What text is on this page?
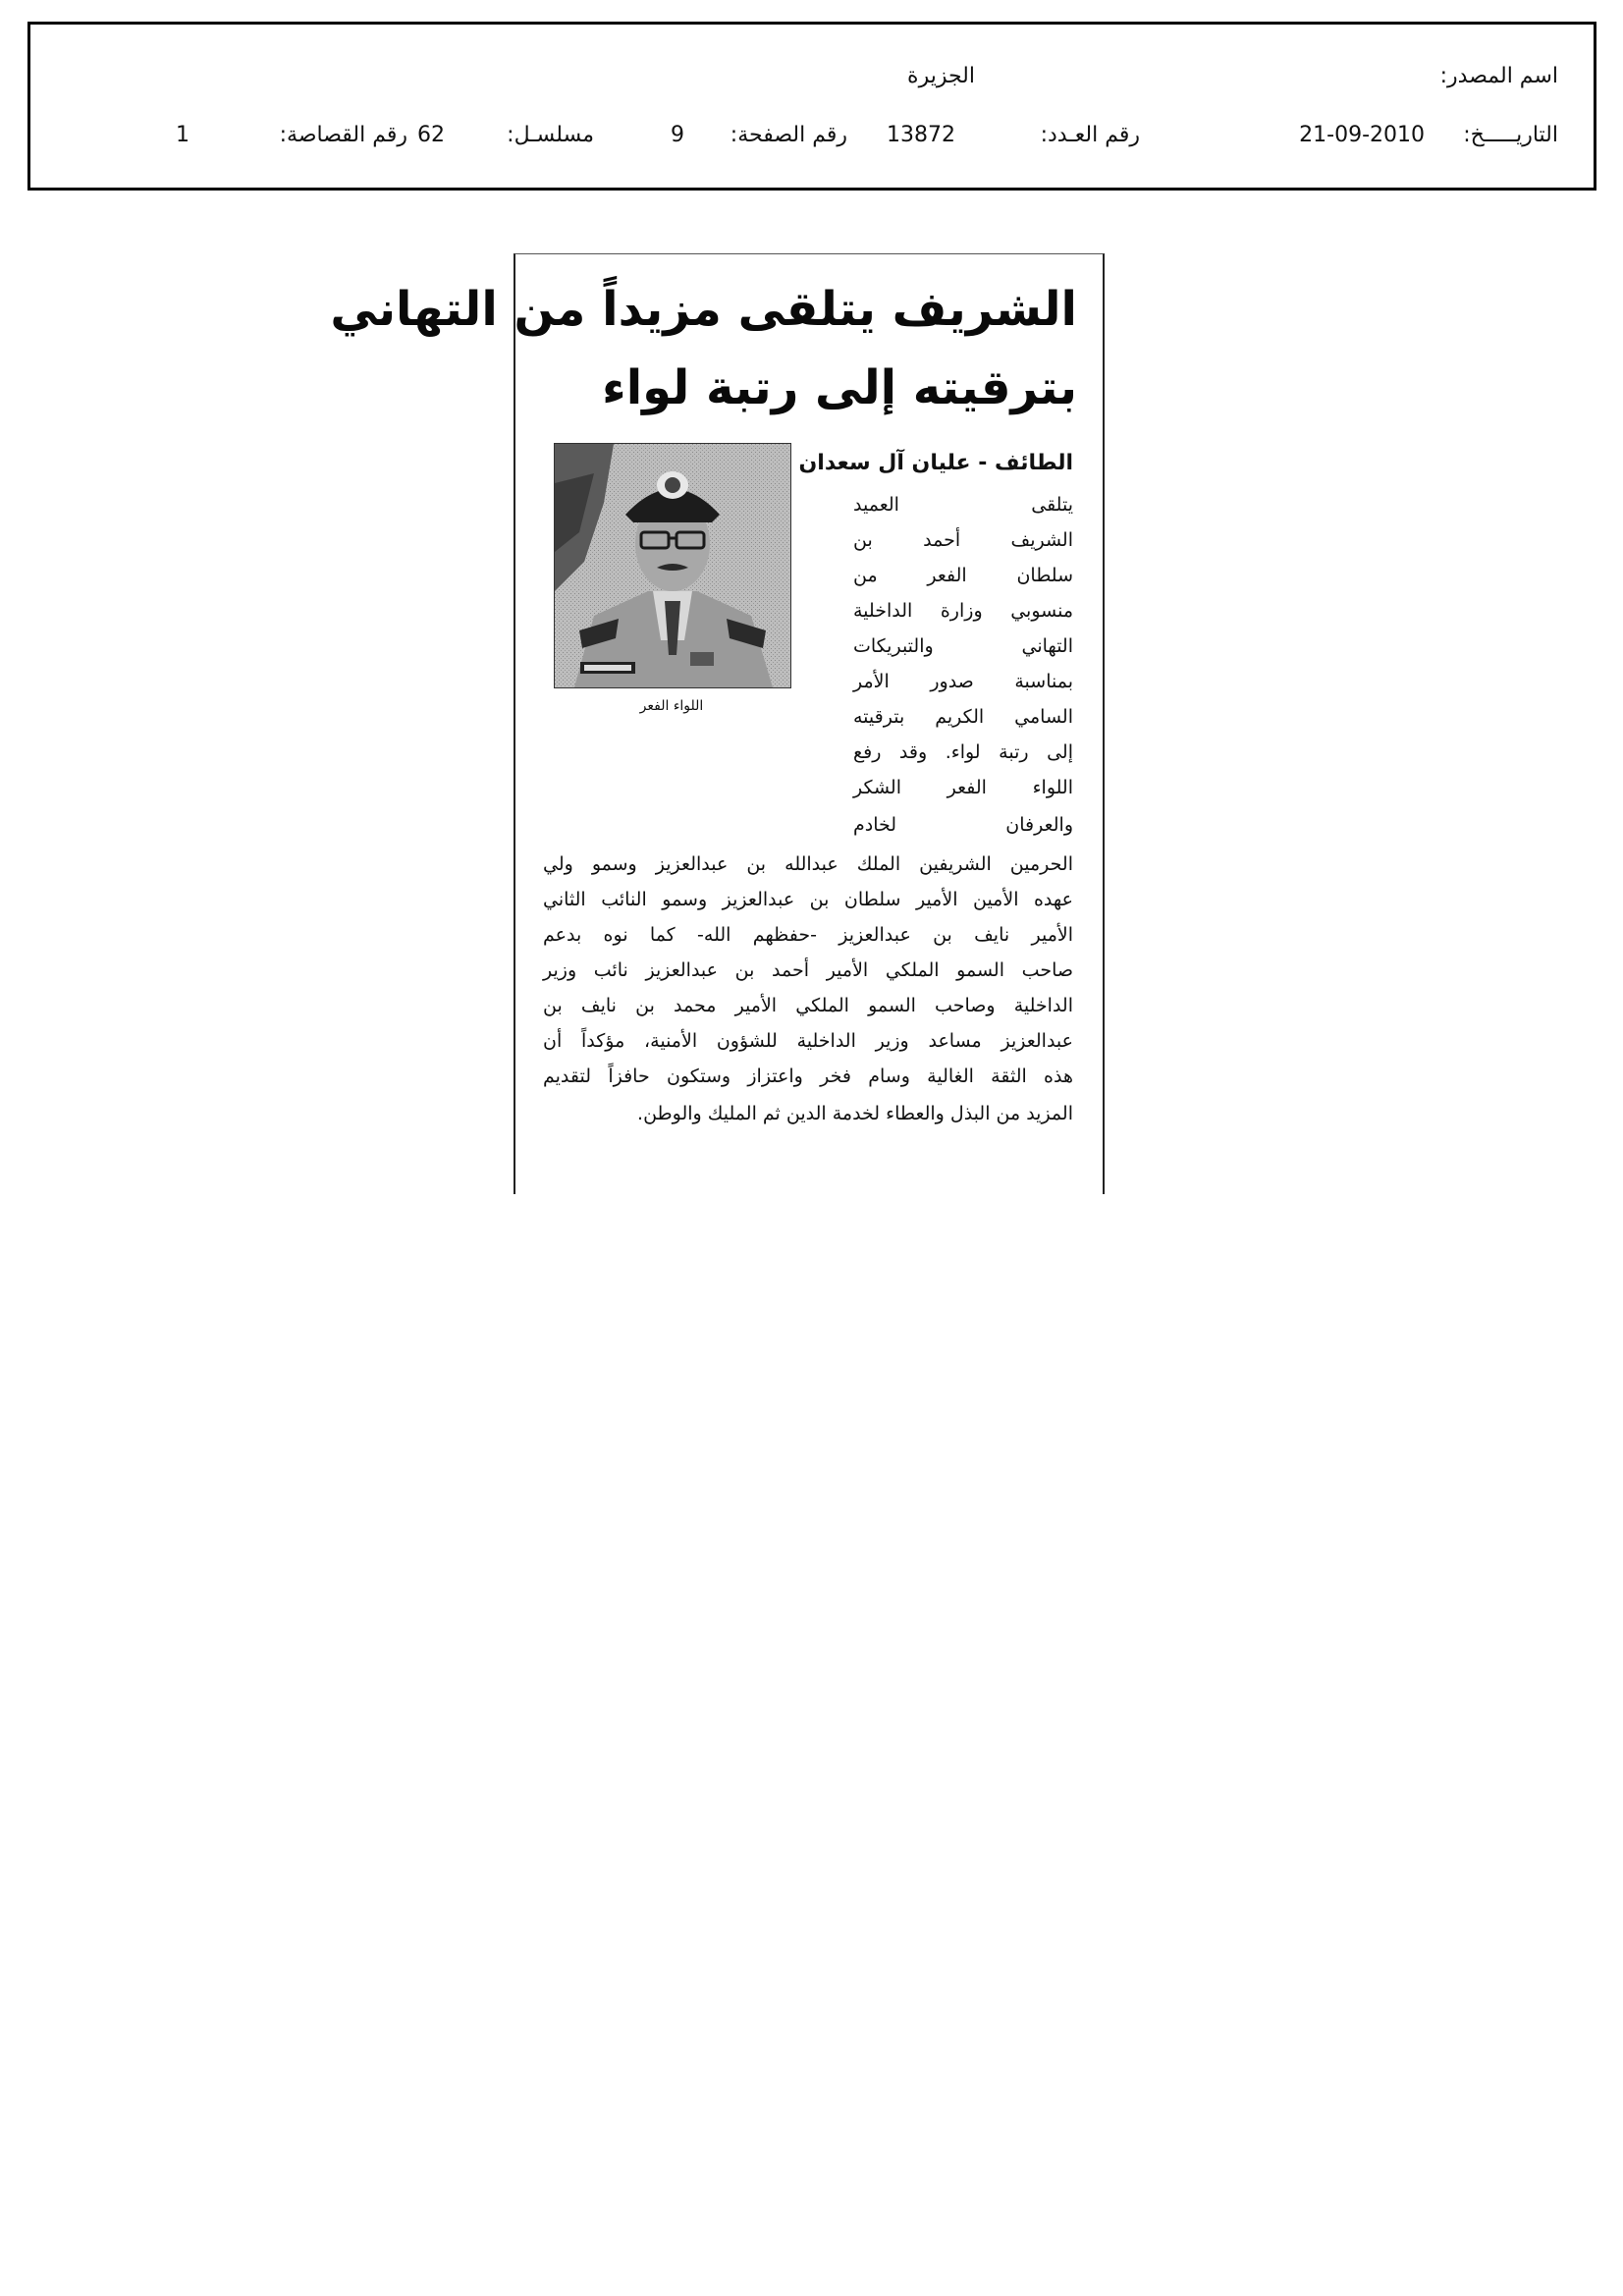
اسم المصدر:
الجزيرة
التاريـــــخ:
21-09-2010
رقم العـدد:
13872
رقم الصفحة:
9
مسلسـل:
62
رقم القصاصة:
1
الشريف يتلقى مزيداً من التهاني
بترقيته إلى رتبة لواء
الطائف - عليان آل سعدان
اللواء الفعر
يتلقى العميد
الشريف أحمد بن
سلطان الفعر من
منسوبي وزارة الداخلية
التهاني والتبريكات
بمناسبة صدور الأمر
السامي الكريم بترقيته
إلى رتبة لواء. وقد رفع
اللواء الفعر الشكر
والعرفان لخادم
الحرمين الشريفين الملك عبدالله بن عبدالعزيز وسمو ولي
عهده الأمين الأمير سلطان بن عبدالعزيز وسمو النائب الثاني
الأمير نايف بن عبدالعزيز -حفظهم الله- كما نوه بدعم
صاحب السمو الملكي الأمير أحمد بن عبدالعزيز نائب وزير
الداخلية وصاحب السمو الملكي الأمير محمد بن نايف بن
عبدالعزيز مساعد وزير الداخلية للشؤون الأمنية، مؤكداً أن
هذه الثقة الغالية وسام فخر واعتزاز وستكون حافزاً لتقديم
المزيد من البذل والعطاء لخدمة الدين ثم المليك والوطن.
